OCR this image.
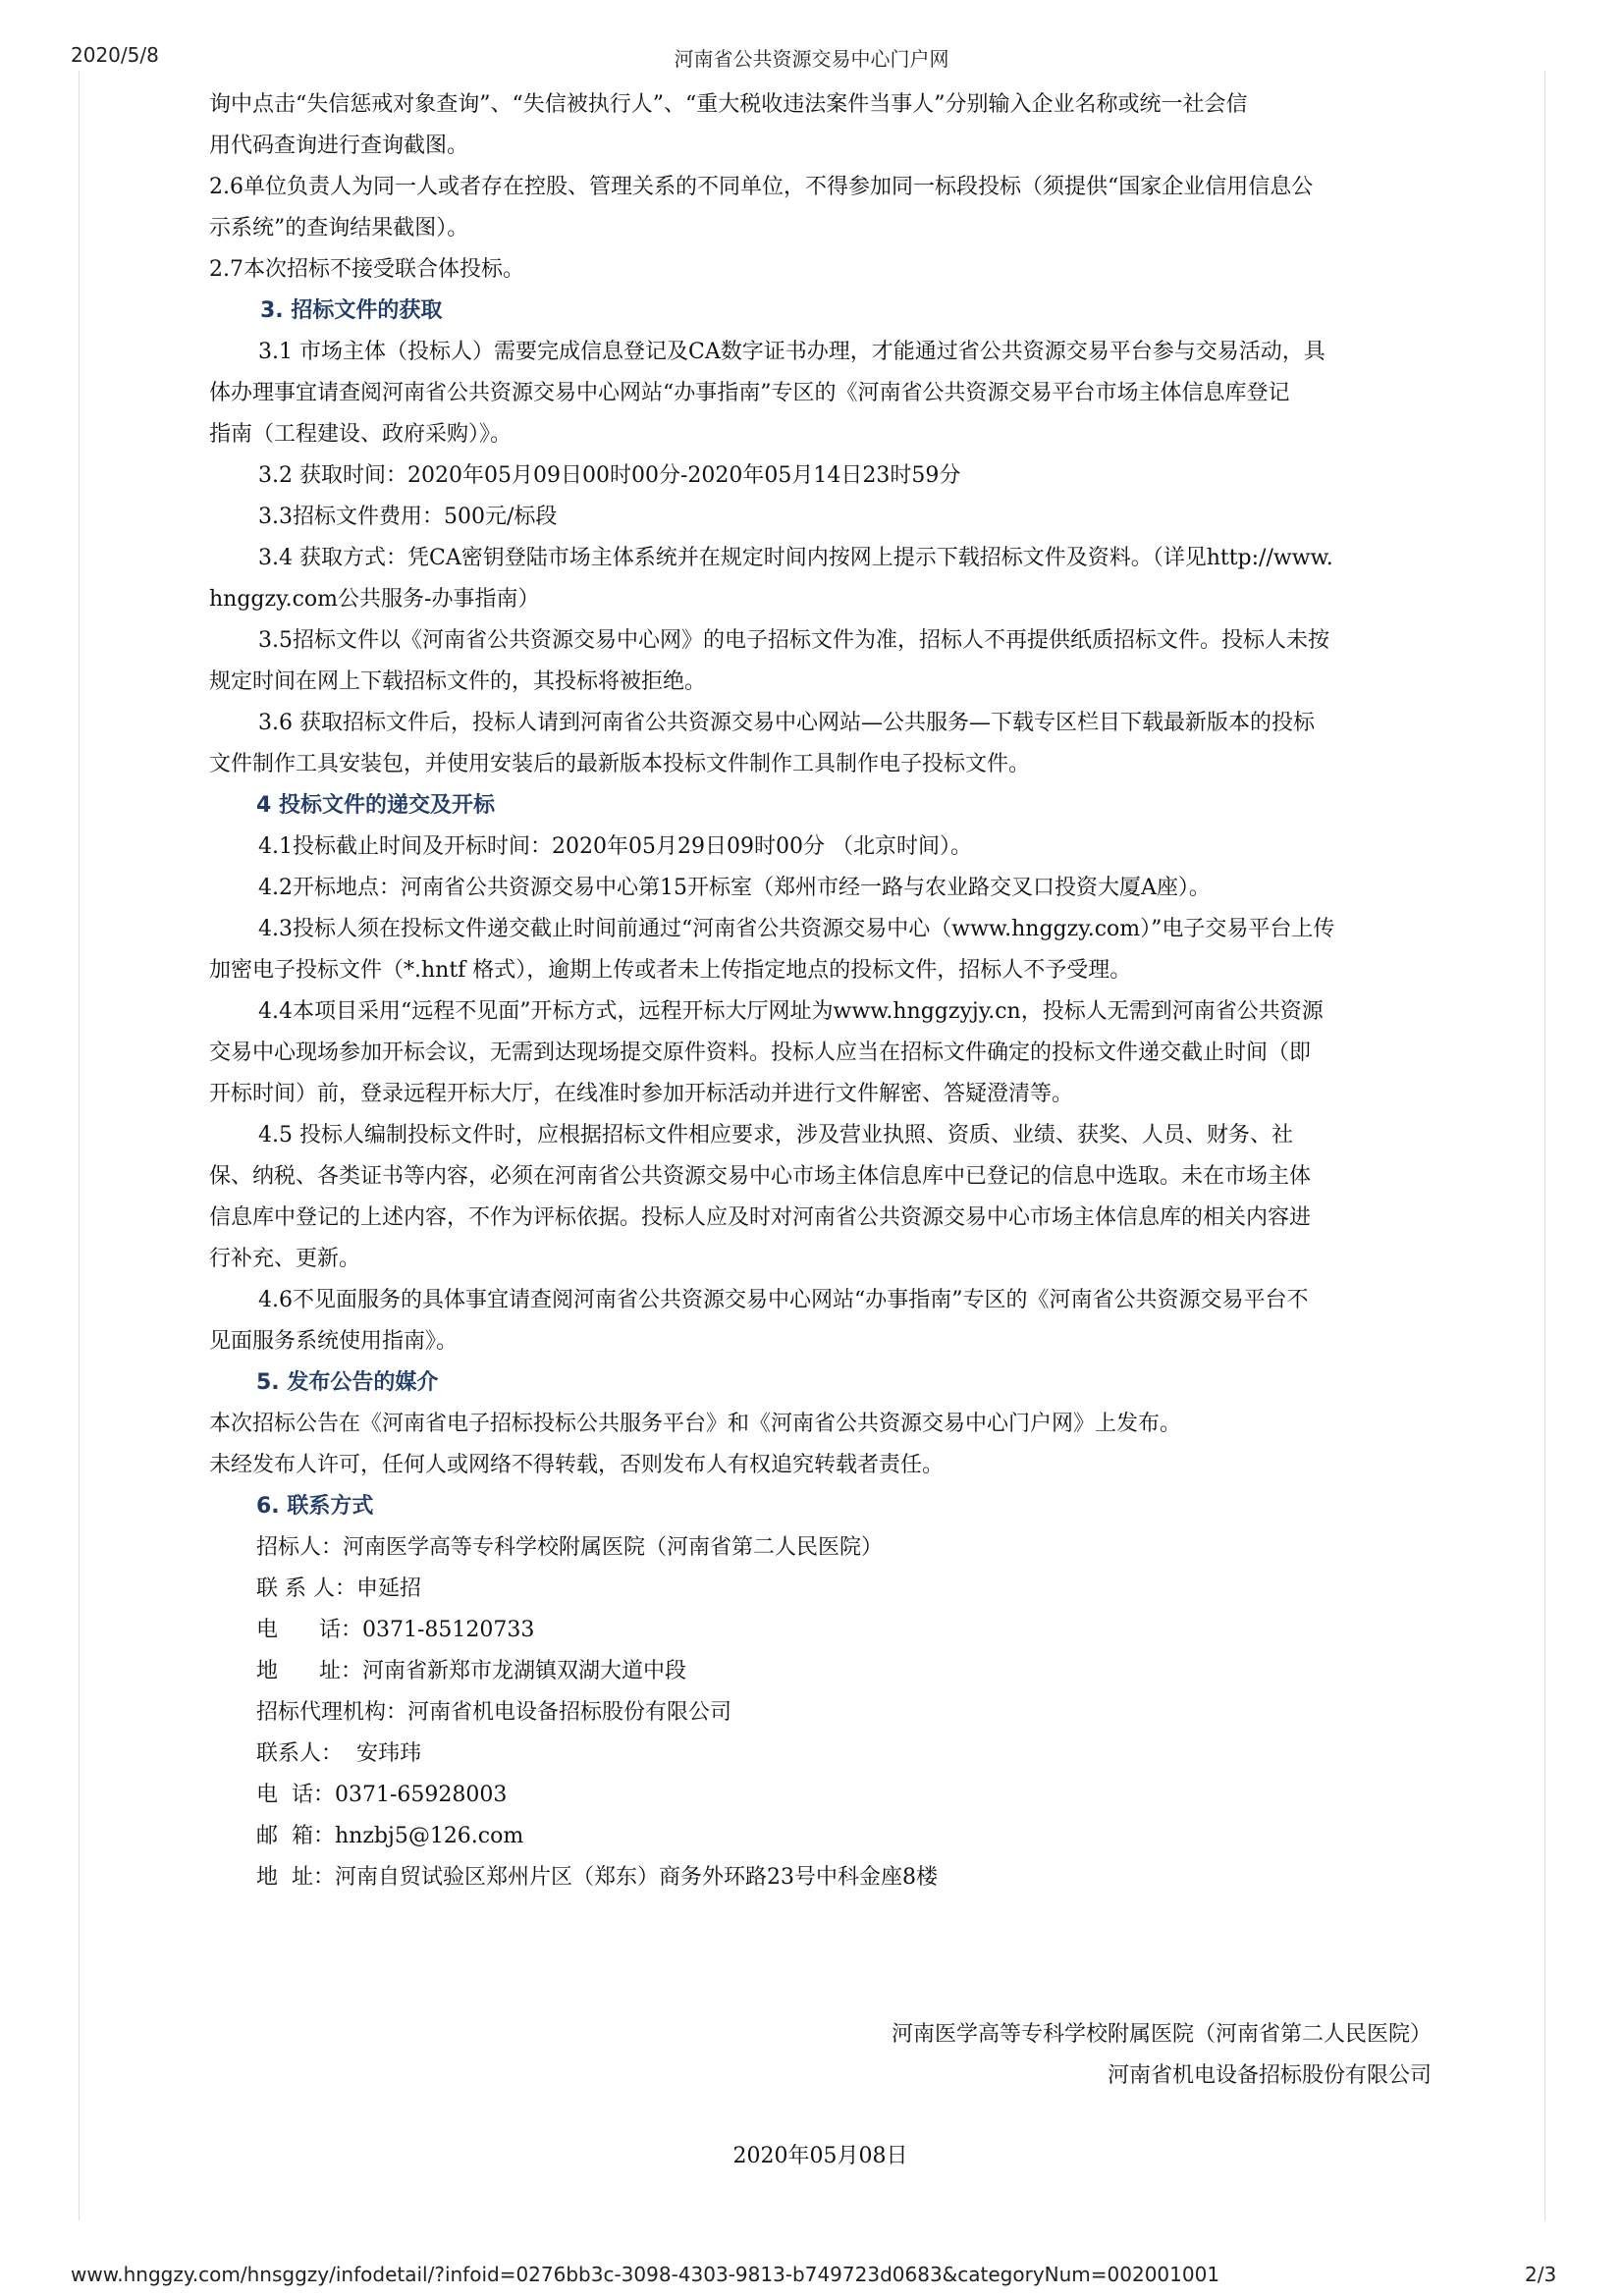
2020/5/8	河南省公共资源交易中心门户网

询中点击“失信惩戒对象查询”、“失信被执行人”、“重大税收违法案件当事人”分别输入企业名称或统一社会信

用代码查询进行查询截图。

2.6单位负责人为同一人或者存在控股、管理关系的不同单位，不得参加同一标段投标（须提供“国家企业信用信息公

示系统”的查询结果截图）。

2.7本次招标不接受联合体投标。

3. 招标文件的获取

3.1 市场主体（投标人）需要完成信息登记及CA数字证书办理，才能通过省公共资源交易平台参与交易活动，具

体办理事宜请查阅河南省公共资源交易中心网站“办事指南”专区的《河南省公共资源交易平台市场主体信息库登记

指南（工程建设、政府采购）》。

3.2 获取时间：2020年05月09日00时00分-2020年05月14日23时59分

3.3招标文件费用：500元/标段

3.4 获取方式：凭CA密钥登陆市场主体系统并在规定时间内按网上提示下载招标文件及资料。（详见http://www.

hnggzy.com公共服务-办事指南）

3.5招标文件以《河南省公共资源交易中心网》的电子招标文件为准，招标人不再提供纸质招标文件。投标人未按

规定时间在网上下载招标文件的，其投标将被拒绝。

3.6 获取招标文件后，投标人请到河南省公共资源交易中心网站—公共服务—下载专区栏目下载最新版本的投标

文件制作工具安装包，并使用安装后的最新版本投标文件制作工具制作电子投标文件。

4 投标文件的递交及开标

4.1投标截止时间及开标时间：2020年05月29日09时00分 （北京时间）。

4.2开标地点：河南省公共资源交易中心第15开标室（郑州市经一路与农业路交叉口投资大厦A座）。

4.3投标人须在投标文件递交截止时间前通过“河南省公共资源交易中心（www.hnggzy.com）”电子交易平台上传

加密电子投标文件（*.hntf 格式），逾期上传或者未上传指定地点的投标文件，招标人不予受理。

4.4本项目采用“远程不见面”开标方式，远程开标大厅网址为www.hnggzyjy.cn，投标人无需到河南省公共资源

交易中心现场参加开标会议，无需到达现场提交原件资料。投标人应当在招标文件确定的投标文件递交截止时间（即

开标时间）前，登录远程开标大厅，在线准时参加开标活动并进行文件解密、答疑澄清等。

4.5 投标人编制投标文件时，应根据招标文件相应要求，涉及营业执照、资质、业绩、获奖、人员、财务、社

保、纳税、各类证书等内容，必须在河南省公共资源交易中心市场主体信息库中已登记的信息中选取。未在市场主体

信息库中登记的上述内容，不作为评标依据。投标人应及时对河南省公共资源交易中心市场主体信息库的相关内容进

行补充、更新。

4.6不见面服务的具体事宜请查阅河南省公共资源交易中心网站“办事指南”专区的《河南省公共资源交易平台不

见面服务系统使用指南》。

5. 发布公告的媒介

本次招标公告在《河南省电子招标投标公共服务平台》和《河南省公共资源交易中心门户网》上发布。

未经发布人许可，任何人或网络不得转载，否则发布人有权追究转载者责任。

6. 联系方式

招标人：河南医学高等专科学校附属医院（河南省第二人民医院）

联 系 人：申延招

电      话：0371-85120733

地      址：河南省新郑市龙湖镇双湖大道中段

招标代理机构：河南省机电设备招标股份有限公司

联系人：  安玮玮

电  话：0371-65928003

邮  箱：hnzbj5@126.com

地  址：河南自贸试验区郑州片区（郑东）商务外环路23号中科金座8楼

河南医学高等专科学校附属医院（河南省第二人民医院）

河南省机电设备招标股份有限公司

2020年05月08日

www.hnggzy.com/hnsggzy/infodetail/?infoid=0276bb3c-3098-4303-9813-b749723d0683&categoryNum=002001001	2/3
